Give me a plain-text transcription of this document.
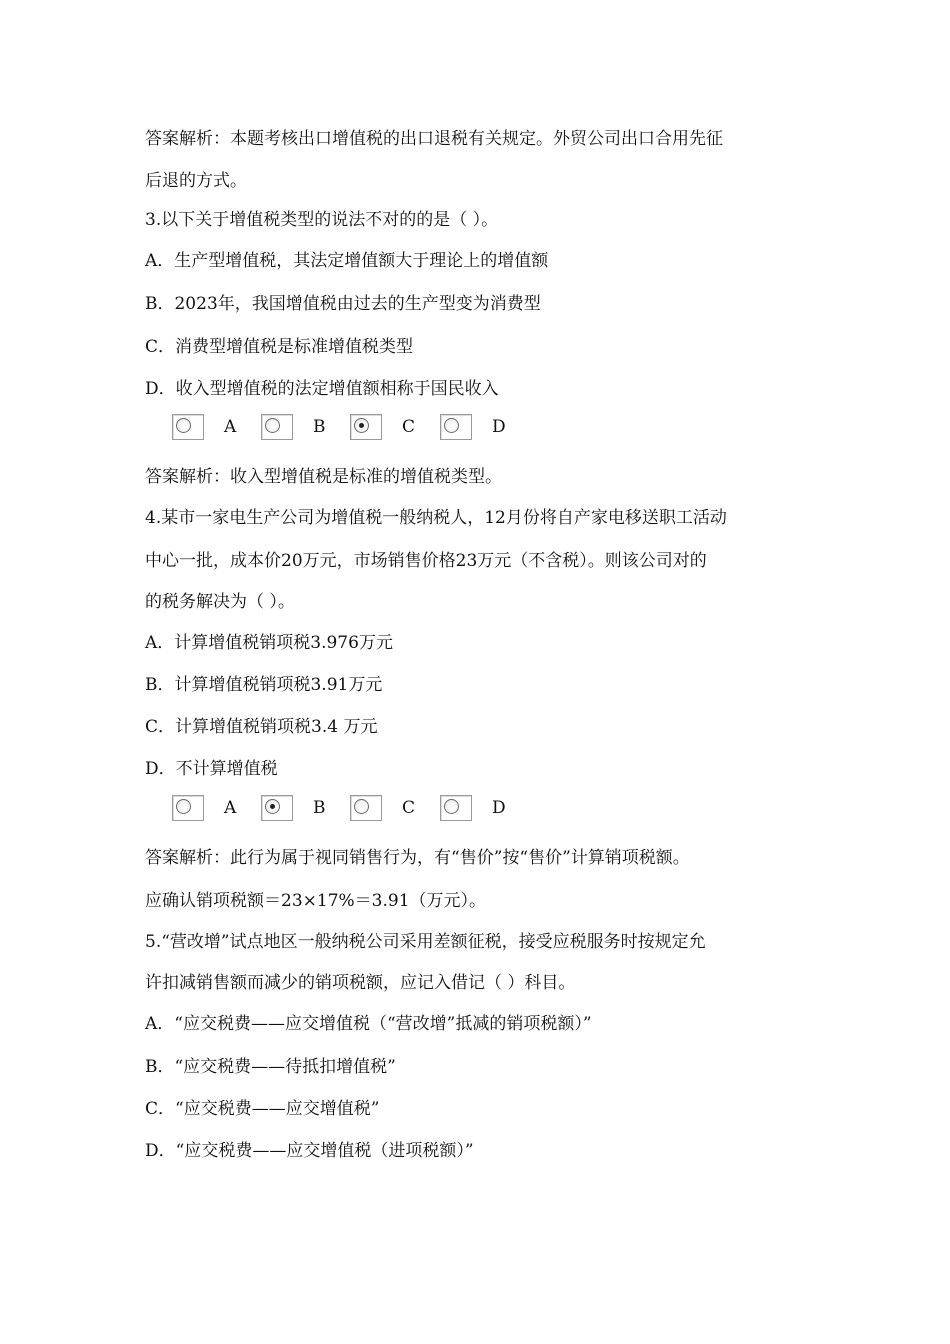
答案解析：本题考核出口增值税的出口退税有关规定。外贸公司出口合用先征
后退的方式。
3.以下关于增值税类型的说法不对的的是（ ）。
A．生产型增值税，其法定增值额大于理论上的增值额
B．2023年，我国增值税由过去的生产型变为消费型
C．消费型增值税是标准增值税类型
D．收入型增值税的法定增值额相称于国民收入
A	B	C	D
答案解析：收入型增值税是标准的增值税类型。
4.某市一家电生产公司为增值税一般纳税人，12月份将自产家电移送职工活动
中心一批，成本价20万元，市场销售价格23万元（不含税）。则该公司对的
的税务解决为（ ）。
A．计算增值税销项税3.976万元
B．计算增值税销项税3.91万元
C．计算增值税销项税3.4 万元
D．不计算增值税
A	B	C	D
答案解析：此行为属于视同销售行为，有“售价”按“售价”计算销项税额。
应确认销项税额＝23×17%＝3.91（万元）。
5.“营改增”试点地区一般纳税公司采用差额征税，接受应税服务时按规定允
许扣减销售额而减少的销项税额，应记入借记（ ）科目。
A．“应交税费——应交增值税（“营改增”抵减的销项税额）”
B．“应交税费——待抵扣增值税”
C．“应交税费——应交增值税”
D．“应交税费——应交增值税（进项税额）”
